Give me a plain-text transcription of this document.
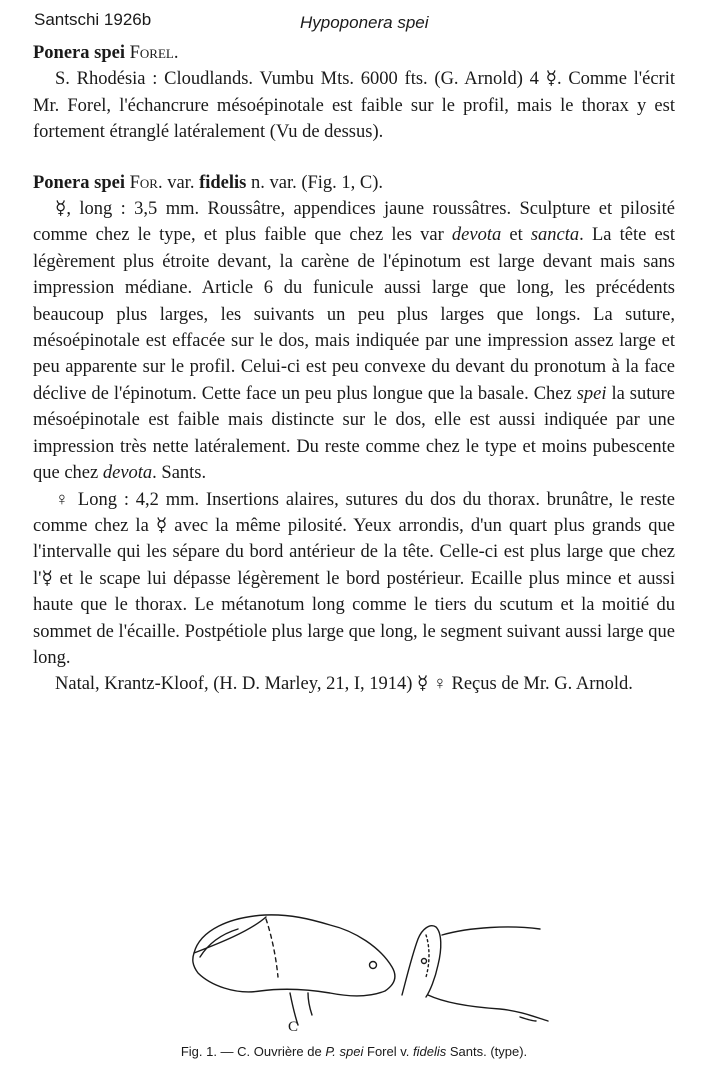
Santschi 1926b	Hypoponera spei

Ponera spei Forel.

S. Rhodésia : Cloudlands. Vumbu Mts. 6000 fts. (G. Arnold) 4 ☿. Comme l'écrit Mr. Forel, l'échancrure mésoépinotale est faible sur le profil, mais le thorax y est fortement étranglé latéralement (Vu de dessus).

Ponera spei For. var. fidelis n. var. (Fig. 1, C).

☿, long : 3,5 mm. Roussâtre, appendices jaune roussâtres. Sculpture et pilosité comme chez le type, et plus faible que chez les var devota et sancta. La tête est légèrement plus étroite devant, la carène de l'épinotum est large devant mais sans impression médiane. Article 6 du funicule aussi large que long, les précédents beaucoup plus larges, les suivants un peu plus larges que longs. La suture, mésoépinotale est effacée sur le dos, mais indiquée par une impression assez large et peu apparente sur le profil. Celui-ci est peu convexe du devant du pronotum à la face déclive de l'épinotum. Cette face un peu plus longue que la basale. Chez spei la suture mésoépinotale est faible mais distincte sur le dos, elle est aussi indiquée par une impression très nette latéralement. Du reste comme chez le type et moins pubescente que chez devota. Sants.

♀ Long : 4,2 mm. Insertions alaires, sutures du dos du thorax. brunâtre, le reste comme chez la ☿ avec la même pilosité. Yeux arrondis, d'un quart plus grands que l'intervalle qui les sépare du bord antérieur de la tête. Celle-ci est plus large que chez l'☿ et le scape lui dépasse légèrement le bord postérieur. Ecaille plus mince et aussi haute que le thorax. Le métanotum long comme le tiers du scutum et la moitié du sommet de l'écaille. Postpétiole plus large que long, le segment suivant aussi large que long.

Natal, Krantz-Kloof, (H. D. Marley, 21, I, 1914) ☿ ♀ Reçus de Mr. G. Arnold.

C
Fig. 1. — C. Ouvrière de P. spei Forel v. fidelis Sants. (type).
